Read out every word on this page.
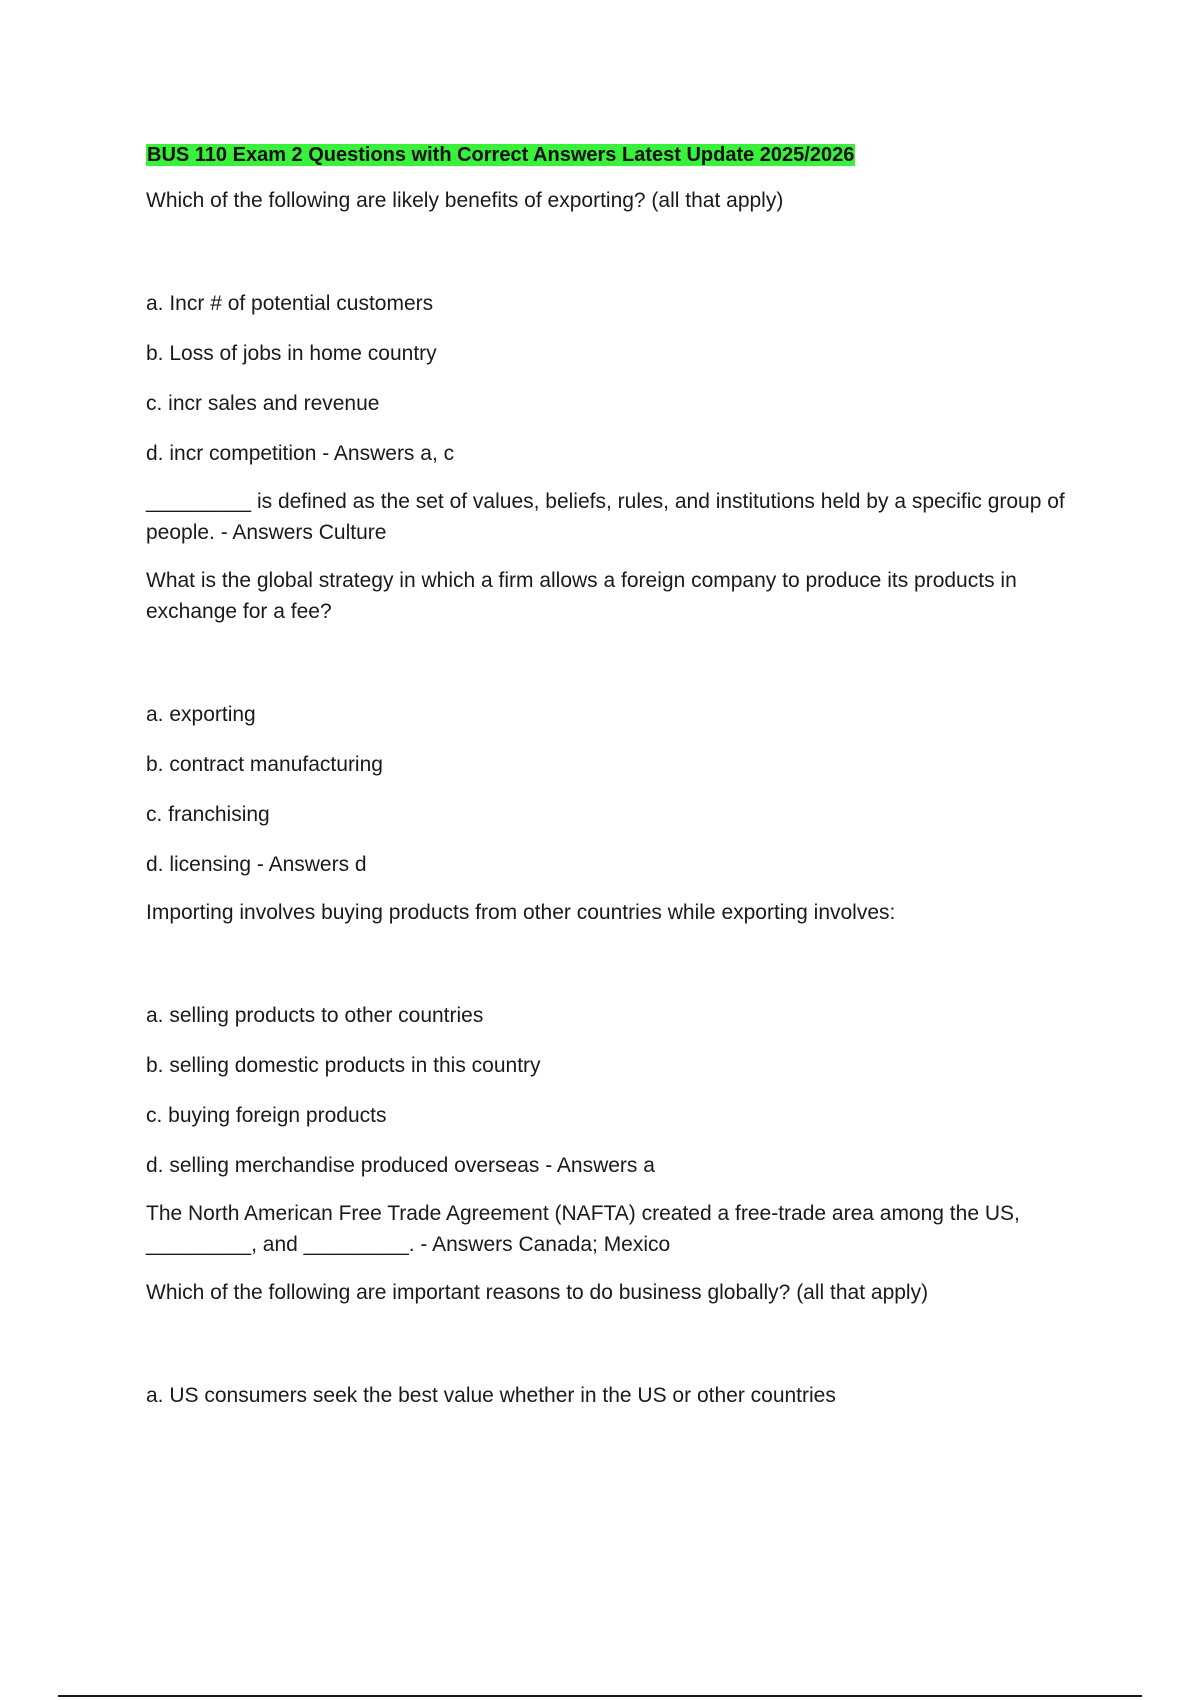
BUS 110 Exam 2 Questions with Correct Answers Latest Update 2025/2026

Which of the following are likely benefits of exporting? (all that apply)

a. Incr # of potential customers

b. Loss of jobs in home country

c. incr sales and revenue

d. incr competition - Answers a, c

_________ is defined as the set of values, beliefs, rules, and institutions held by a specific group of people. - Answers Culture

What is the global strategy in which a firm allows a foreign company to produce its products in exchange for a fee?

a. exporting

b. contract manufacturing

c. franchising

d. licensing - Answers d

Importing involves buying products from other countries while exporting involves:

a. selling products to other countries

b. selling domestic products in this country

c. buying foreign products

d. selling merchandise produced overseas - Answers a

The North American Free Trade Agreement (NAFTA) created a free-trade area among the US, _________, and _________. - Answers Canada; Mexico

Which of the following are important reasons to do business globally? (all that apply)

a. US consumers seek the best value whether in the US or other countries
